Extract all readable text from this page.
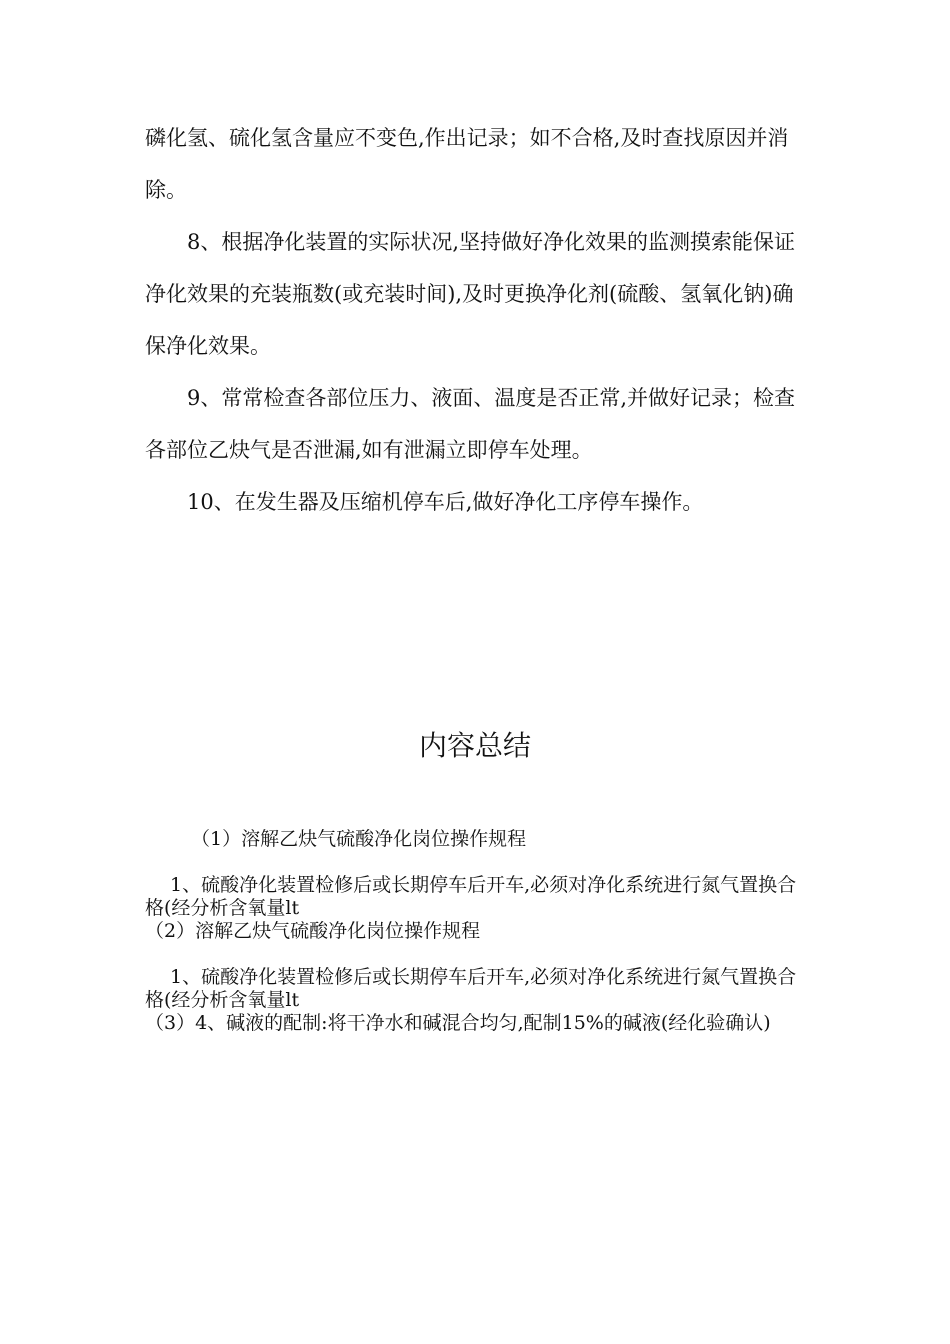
磷化氢、硫化氢含量应不变色,作出记录；如不合格,及时查找原因并消除。

8、根据净化装置的实际状况,坚持做好净化效果的监测摸索能保证净化效果的充装瓶数(或充装时间),及时更换净化剂(硫酸、氢氧化钠)确保净化效果。

9、常常检查各部位压力、液面、温度是否正常,并做好记录；检查各部位乙炔气是否泄漏,如有泄漏立即停车处理。

10、在发生器及压缩机停车后,做好净化工序停车操作。

内容总结

（1）溶解乙炔气硫酸净化岗位操作规程

1、硫酸净化装置检修后或长期停车后开车,必须对净化系统进行氮气置换合格(经分析含氧量lt

（2）溶解乙炔气硫酸净化岗位操作规程

1、硫酸净化装置检修后或长期停车后开车,必须对净化系统进行氮气置换合格(经分析含氧量lt

（3）4、碱液的配制:将干净水和碱混合均匀,配制15%的碱液(经化验确认)
